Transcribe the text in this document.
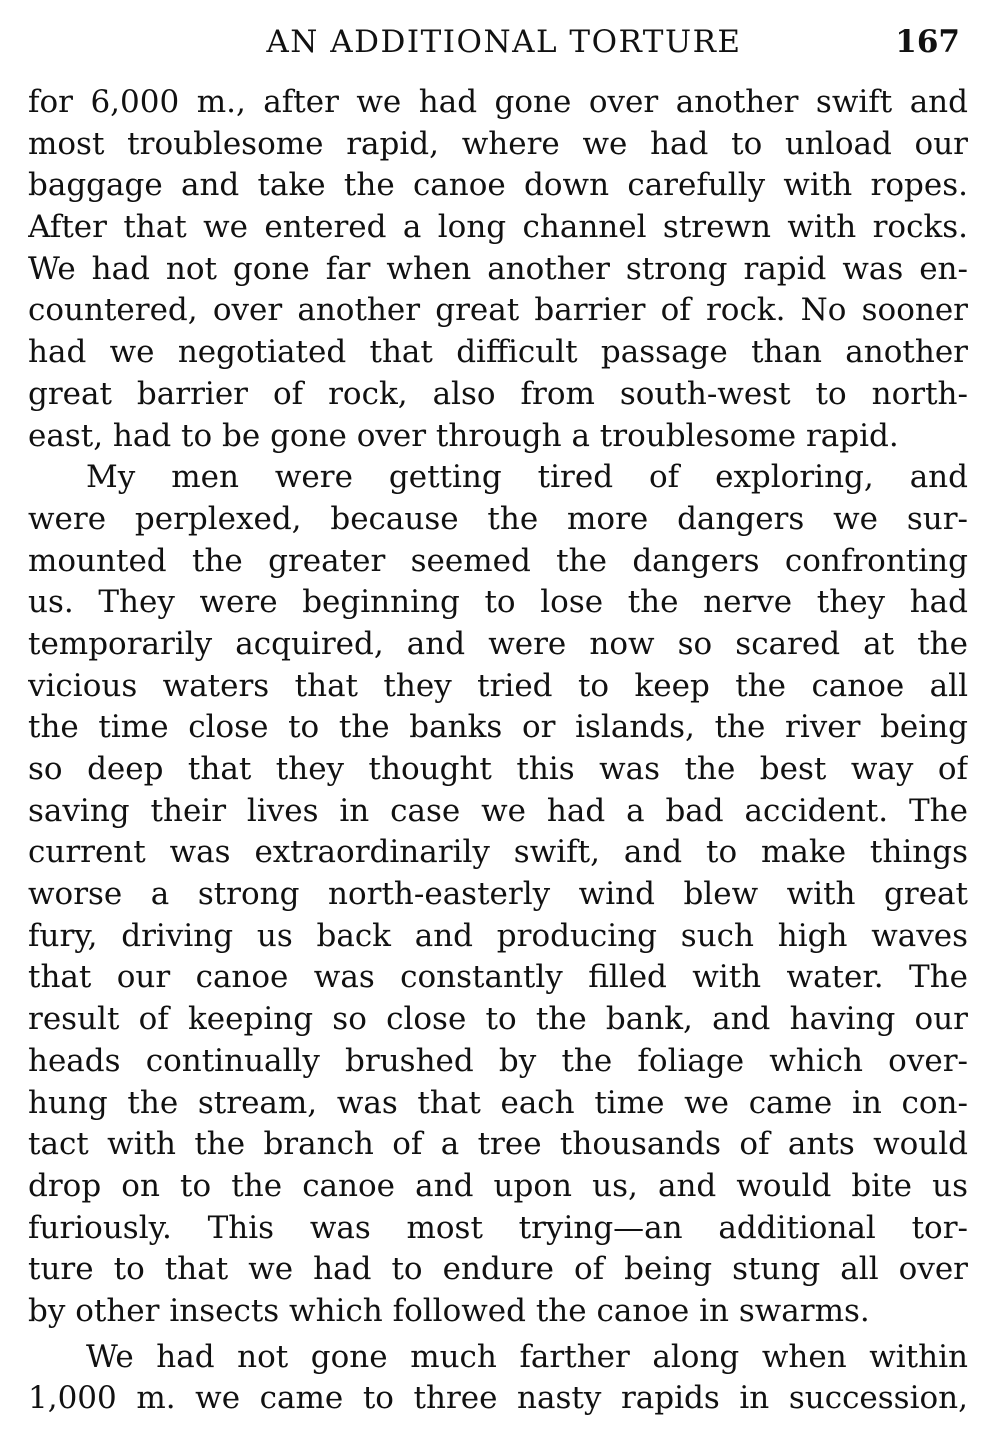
AN ADDITIONAL TORTURE	167
for 6,000 m., after we had gone over another swift and
most troublesome rapid, where we had to unload our
baggage and take the canoe down carefully with ropes.
After that we entered a long channel strewn with rocks.
We had not gone far when another strong rapid was en-
countered, over another great barrier of rock. No sooner
had we negotiated that difficult passage than another
great barrier of rock, also from south-west to north-
east, had to be gone over through a troublesome rapid.
My men were getting tired of exploring, and
were perplexed, because the more dangers we sur-
mounted the greater seemed the dangers confronting
us. They were beginning to lose the nerve they had
temporarily acquired, and were now so scared at the
vicious waters that they tried to keep the canoe all
the time close to the banks or islands, the river being
so deep that they thought this was the best way of
saving their lives in case we had a bad accident. The
current was extraordinarily swift, and to make things
worse a strong north-easterly wind blew with great
fury, driving us back and producing such high waves
that our canoe was constantly filled with water. The
result of keeping so close to the bank, and having our
heads continually brushed by the foliage which over-
hung the stream, was that each time we came in con-
tact with the branch of a tree thousands of ants would
drop on to the canoe and upon us, and would bite us
furiously. This was most trying—an additional tor-
ture to that we had to endure of being stung all over
by other insects which followed the canoe in swarms.
We had not gone much farther along when within
1,000 m. we came to three nasty rapids in succession,
